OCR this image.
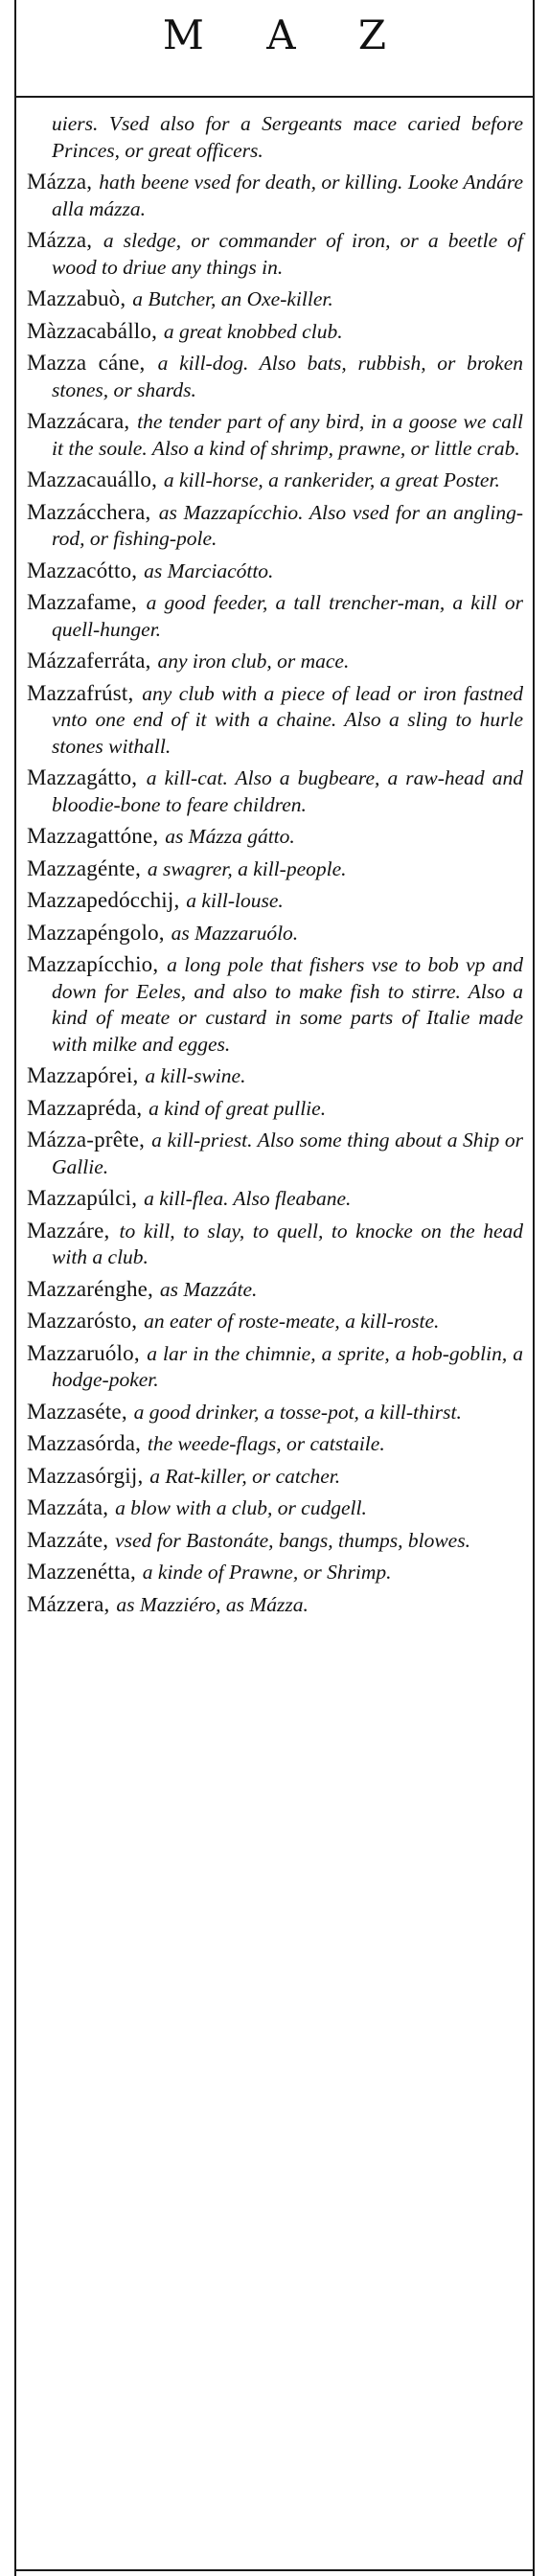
M A Z
uiers. Vsed also for a Sergeants mace caried before Princes, or great officers.
Mázza, hath beene vsed for death, or killing. Looke Andáre alla mázza.
Mázza, a sledge, or commander of iron, or a beetle of wood to driue any things in.
Mazzabuò, a Butcher, an Oxe-killer.
Màzzacabállo, a great knobbed club.
Mazza cáne, a kill-dog. Also bats, rubbish, or broken stones, or shards.
Mazzácara, the tender part of any bird, in a goose we call it the soule. Also a kind of shrimp, prawne, or little crab.
Mazzacauállo, a kill-horse, a rankerider, a great Poster.
Mazzácchera, as Mazzapícchio. Also vsed for an angling-rod, or fishing-pole.
Mazzacótto, as Marciacótto.
Mazzafame, a good feeder, a tall trencher-man, a kill or quell-hunger.
Mázzaferráta, any iron club, or mace.
Mazzafrúst, any club with a piece of lead or iron fastned vnto one end of it with a chaine. Also a sling to hurle stones withall.
Mazzagátto, a kill-cat. Also a bugbeare, a raw-head and bloodie-bone to feare children.
Mazzagattóne, as Mázza gátto.
Mazzagénte, a swagrer, a kill-people.
Mazzapedócchij, a kill-louse.
Mazzapéngolo, as Mazzaruólo.
Mazzapícchio, a long pole that fishers vse to bob vp and down for Eeles, and also to make fish to stirre. Also a kind of meate or custard in some parts of Italie made with milke and egges.
Mazzapórei, a kill-swine.
Mazzapréda, a kind of great pullie.
Mázza-prête, a kill-priest. Also some thing about a Ship or Gallie.
Mazzapúlci, a kill-flea. Also fleabane.
Mazzáre, to kill, to slay, to quell, to knocke on the head with a club.
Mazzarénghe, as Mazzáte.
Mazzaróstо, an eater of roste-meate, a kill-roste.
Mazzaruólo, a lar in the chimnie, a sprite, a hob-goblin, a hodge-poker.
Mazzaséte, a good drinker, a tosse-pot, a kill-thirst.
Mazzasórda, the weede-flags, or catstaile.
Mazzasórgij, a Rat-killer, or catcher.
Mazzáta, a blow with a club, or cudgell.
Mazzáte, vsed for Bastonáte, bangs, thumps, blowes.
Mazzenétta, a kinde of Prawne, or Shrimp.
Mázzera, as Mazziéro, as Mázza.
